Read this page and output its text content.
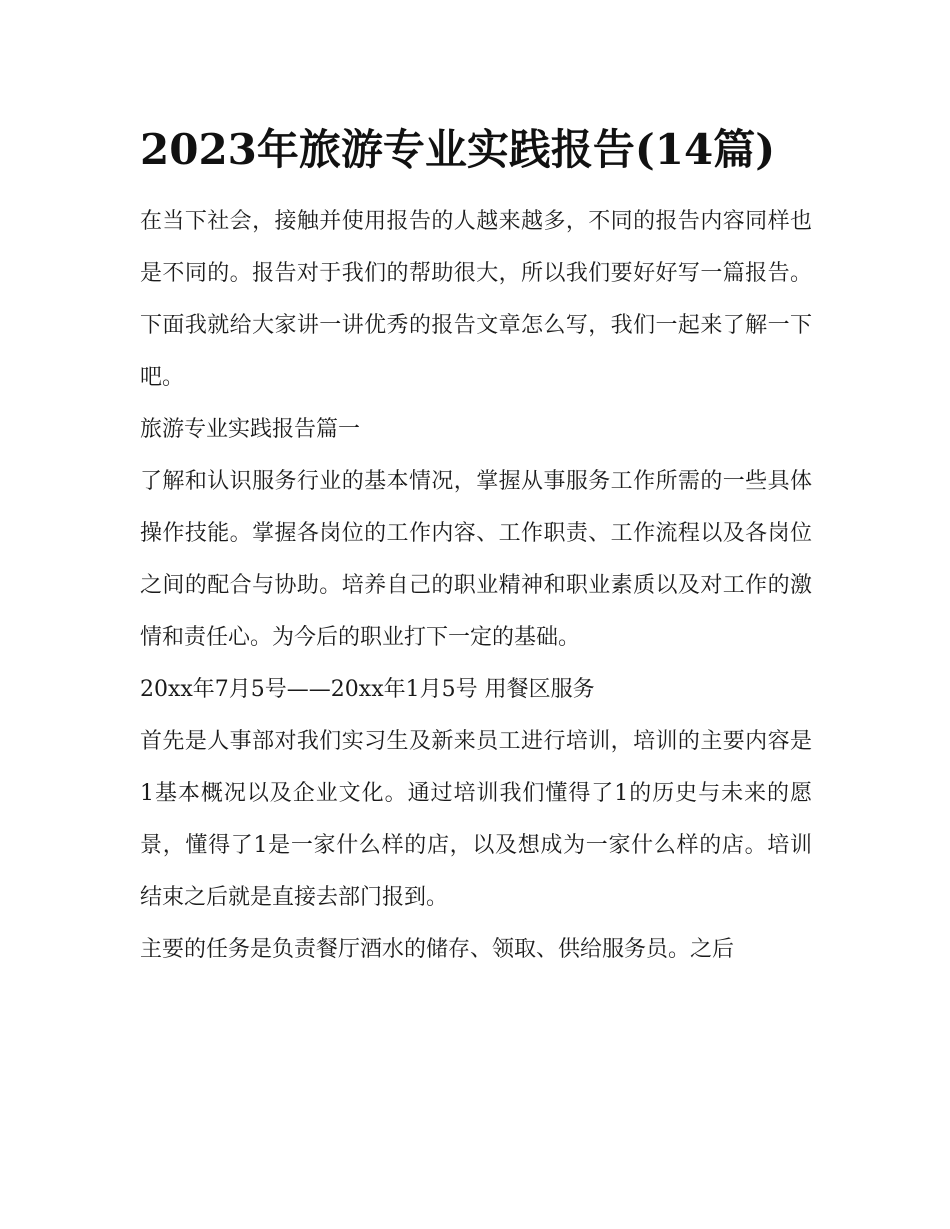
2023年旅游专业实践报告(14篇)

在当下社会，接触并使用报告的人越来越多，不同的报告内容同样也是不同的。报告对于我们的帮助很大，所以我们要好好写一篇报告。下面我就给大家讲一讲优秀的报告文章怎么写，我们一起来了解一下吧。

旅游专业实践报告篇一

了解和认识服务行业的基本情况，掌握从事服务工作所需的一些具体操作技能。掌握各岗位的工作内容、工作职责、工作流程以及各岗位之间的配合与协助。培养自己的职业精神和职业素质以及对工作的激情和责任心。为今后的职业打下一定的基础。

20xx年7月5号——20xx年1月5号 用餐区服务

首先是人事部对我们实习生及新来员工进行培训，培训的主要内容是1基本概况以及企业文化。通过培训我们懂得了1的历史与未来的愿景，懂得了1是一家什么样的店，以及想成为一家什么样的店。培训结束之后就是直接去部门报到。

主要的任务是负责餐厅酒水的储存、领取、供给服务员。之后
